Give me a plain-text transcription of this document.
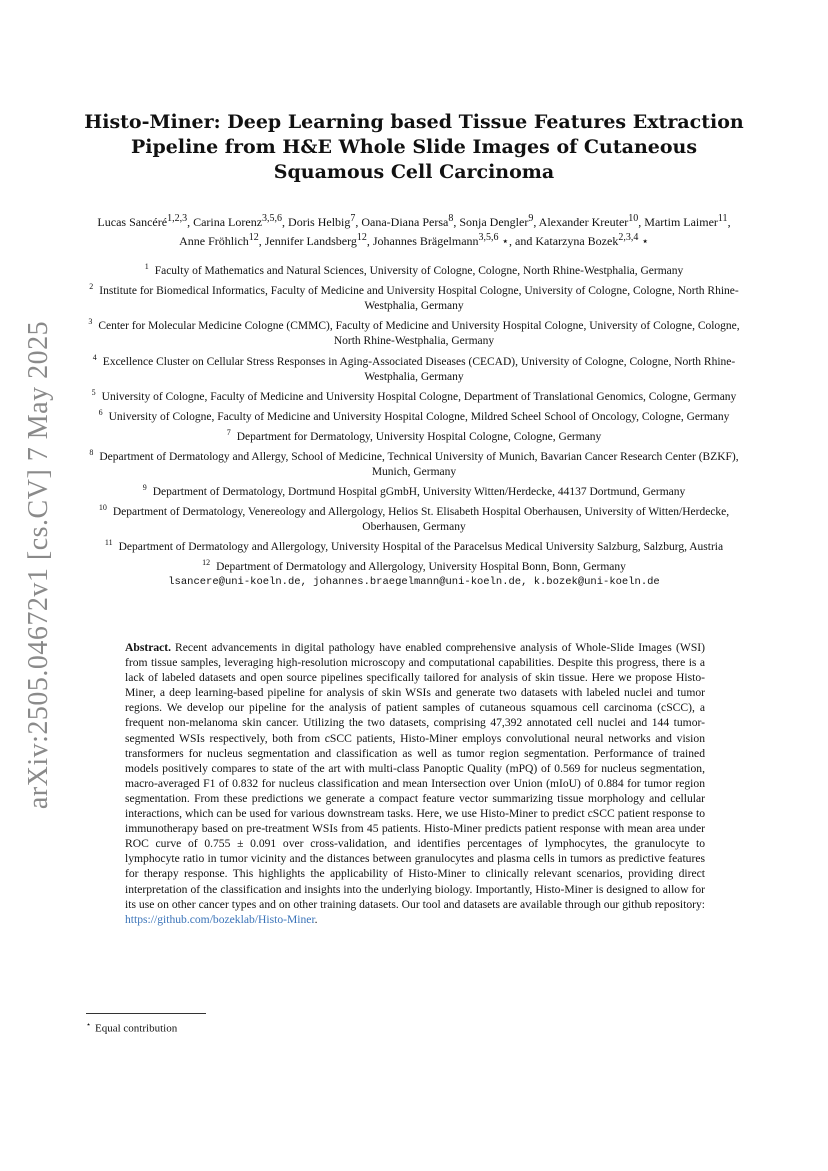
arXiv:2505.04672v1 [cs.CV] 7 May 2025
Histo-Miner: Deep Learning based Tissue Features Extraction Pipeline from H&E Whole Slide Images of Cutaneous Squamous Cell Carcinoma
Lucas Sancéré$^{1,2,3}$, Carina Lorenz$^{3,5,6}$, Doris Helbig$^7$, Oana-Diana Persa$^8$, Sonja Dengler$^9$, Alexander Kreuter$^{10}$, Martim Laimer$^{11}$, Anne Fröhlich$^{12}$, Jennifer Landsberg$^{12}$, Johannes Brägelmann$^{3,5,6}$ ⋆, and Katarzyna Bozek$^{2,3,4}$ ⋆
$^1$ Faculty of Mathematics and Natural Sciences, University of Cologne, Cologne, North Rhine-Westphalia, Germany
$^2$ Institute for Biomedical Informatics, Faculty of Medicine and University Hospital Cologne, University of Cologne, Cologne, North Rhine-Westphalia, Germany
$^3$ Center for Molecular Medicine Cologne (CMMC), Faculty of Medicine and University Hospital Cologne, University of Cologne, Cologne, North Rhine-Westphalia, Germany
$^4$ Excellence Cluster on Cellular Stress Responses in Aging-Associated Diseases (CECAD), University of Cologne, Cologne, North Rhine-Westphalia, Germany
$^5$ University of Cologne, Faculty of Medicine and University Hospital Cologne, Department of Translational Genomics, Cologne, Germany
$^6$ University of Cologne, Faculty of Medicine and University Hospital Cologne, Mildred Scheel School of Oncology, Cologne, Germany
$^7$ Department for Dermatology, University Hospital Cologne, Cologne, Germany
$^8$ Department of Dermatology and Allergy, School of Medicine, Technical University of Munich, Bavarian Cancer Research Center (BZKF), Munich, Germany
$^9$ Department of Dermatology, Dortmund Hospital gGmbH, University Witten/Herdecke, 44137 Dortmund, Germany
$^{10}$ Department of Dermatology, Venereology and Allergology, Helios St. Elisabeth Hospital Oberhausen, University of Witten/Herdecke, Oberhausen, Germany
$^{11}$ Department of Dermatology and Allergology, University Hospital of the Paracelsus Medical University Salzburg, Salzburg, Austria
$^{12}$ Department of Dermatology and Allergology, University Hospital Bonn, Bonn, Germany
lsancere@uni-koeln.de, johannes.braegelmann@uni-koeln.de, k.bozek@uni-koeln.de
Abstract. Recent advancements in digital pathology have enabled comprehensive analysis of Whole-Slide Images (WSI) from tissue samples, leveraging high-resolution microscopy and computational capabilities. Despite this progress, there is a lack of labeled datasets and open source pipelines specifically tailored for analysis of skin tissue. Here we propose Histo-Miner, a deep learning-based pipeline for analysis of skin WSIs and generate two datasets with labeled nuclei and tumor regions. We develop our pipeline for the analysis of patient samples of cutaneous squamous cell carcinoma (cSCC), a frequent non-melanoma skin cancer. Utilizing the two datasets, comprising 47,392 annotated cell nuclei and 144 tumor-segmented WSIs respectively, both from cSCC patients, Histo-Miner employs convolutional neural networks and vision transformers for nucleus segmentation and classification as well as tumor region segmentation. Performance of trained models positively compares to state of the art with multi-class Panoptic Quality (mPQ) of 0.569 for nucleus segmentation, macro-averaged F1 of 0.832 for nucleus classification and mean Intersection over Union (mIoU) of 0.884 for tumor region segmentation. From these predictions we generate a compact feature vector summarizing tissue morphology and cellular interactions, which can be used for various downstream tasks. Here, we use Histo-Miner to predict cSCC patient response to immunotherapy based on pre-treatment WSIs from 45 patients. Histo-Miner predicts patient response with mean area under ROC curve of 0.755 ± 0.091 over cross-validation, and identifies percentages of lymphocytes, the granulocyte to lymphocyte ratio in tumor vicinity and the distances between granulocytes and plasma cells in tumors as predictive features for therapy response. This highlights the applicability of Histo-Miner to clinically relevant scenarios, providing direct interpretation of the classification and insights into the underlying biology. Importantly, Histo-Miner is designed to allow for its use on other cancer types and on other training datasets. Our tool and datasets are available through our github repository: https://github.com/bozeklab/Histo-Miner.
⋆ Equal contribution
